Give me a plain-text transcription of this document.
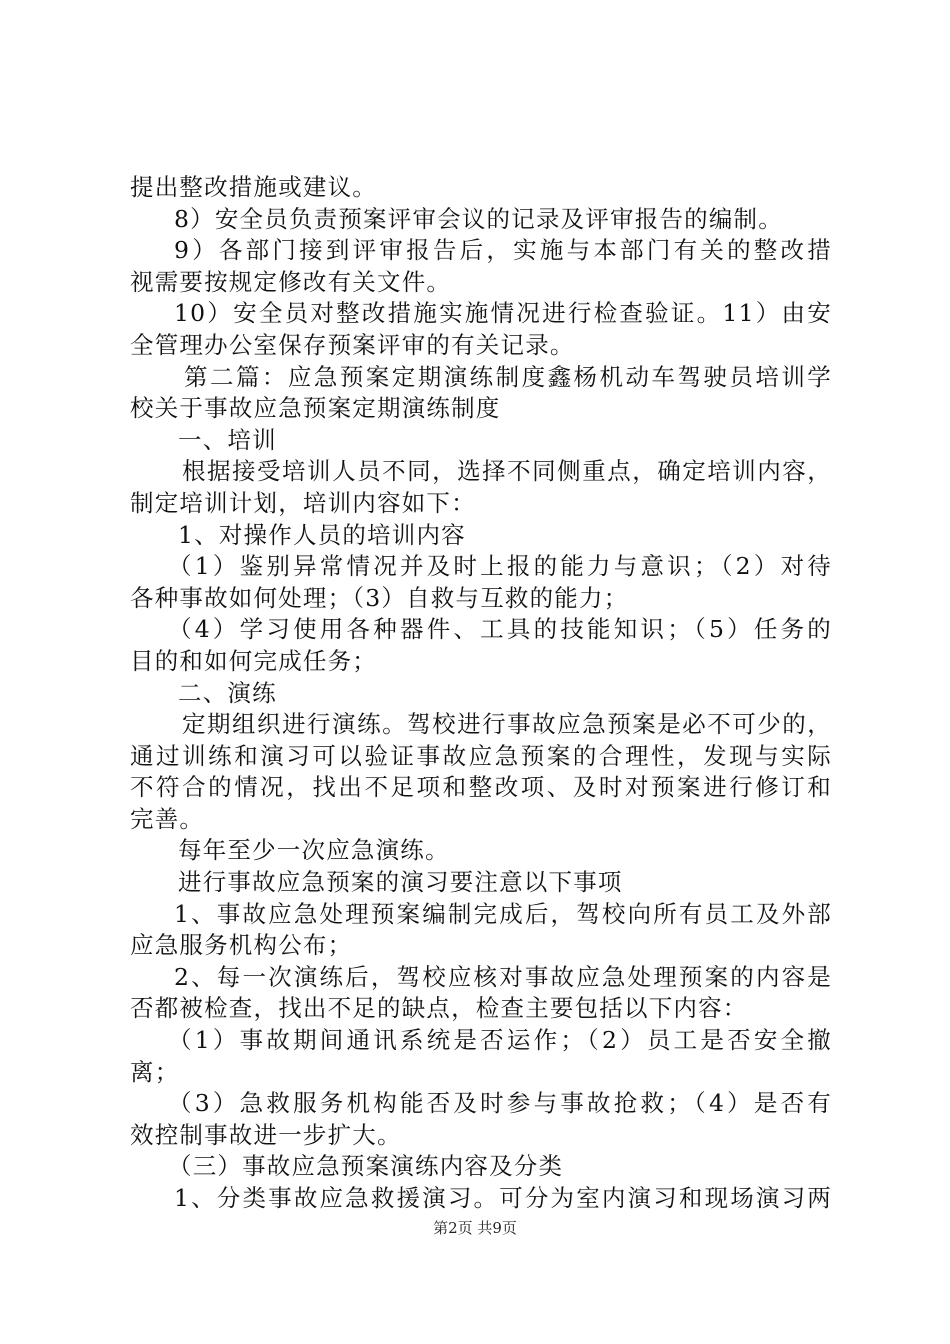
提出整改措施或建议。
8）安全员负责预案评审会议的记录及评审报告的编制。
9）各部门接到评审报告后，实施与本部门有关的整改措
视需要按规定修改有关文件。
10）安全员对整改措施实施情况进行检查验证。11）由安
全管理办公室保存预案评审的有关记录。
第二篇：应急预案定期演练制度鑫杨机动车驾驶员培训学
校关于事故应急预案定期演练制度
一、培训
根据接受培训人员不同，选择不同侧重点，确定培训内容，
制定培训计划，培训内容如下：
1、对操作人员的培训内容
（1）鉴别异常情况并及时上报的能力与意识；（2）对待
各种事故如何处理；（3）自救与互救的能力；
（4）学习使用各种器件、工具的技能知识；（5）任务的
目的和如何完成任务；
二、演练
定期组织进行演练。驾校进行事故应急预案是必不可少的，
通过训练和演习可以验证事故应急预案的合理性，发现与实际
不符合的情况，找出不足项和整改项、及时对预案进行修订和
完善。
每年至少一次应急演练。
进行事故应急预案的演习要注意以下事项
1、事故应急处理预案编制完成后，驾校向所有员工及外部
应急服务机构公布；
2、每一次演练后，驾校应核对事故应急处理预案的内容是
否都被检查，找出不足的缺点，检查主要包括以下内容：
（1）事故期间通讯系统是否运作；（2）员工是否安全撤
离；
（3）急救服务机构能否及时参与事故抢救；（4）是否有
效控制事故进一步扩大。
（三）事故应急预案演练内容及分类
1、分类事故应急救援演习。可分为室内演习和现场演习两
第2页 共9页
